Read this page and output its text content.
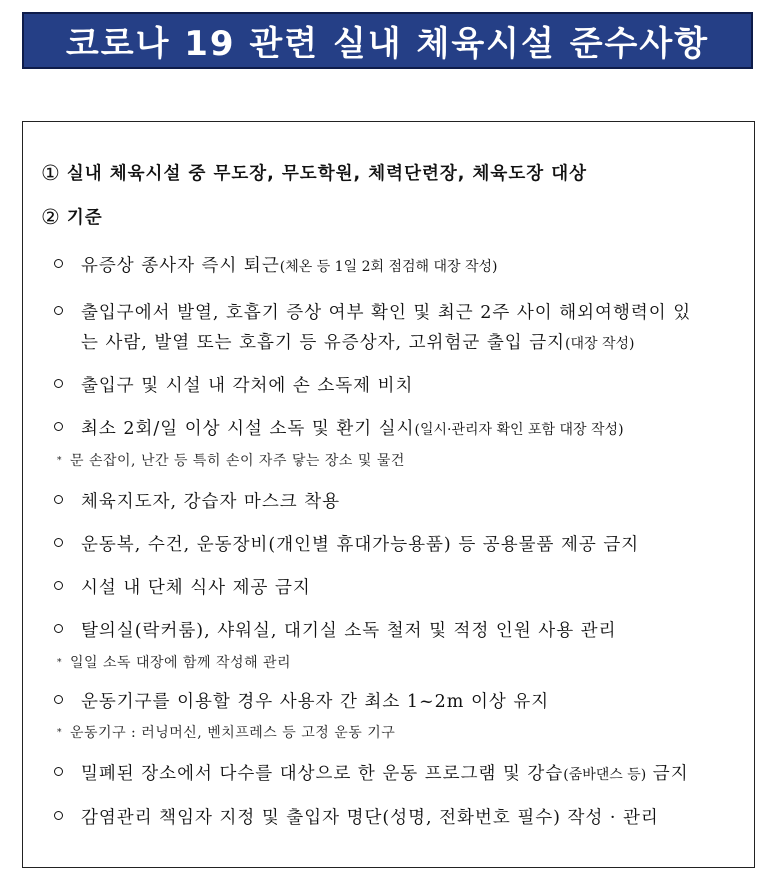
코로나 19 관련 실내 체육시설 준수사항
① 실내 체육시설 중 무도장, 무도학원, 체력단련장, 체육도장 대상
② 기준
유증상 종사자 즉시 퇴근(체온 등 1일 2회 점검해 대장 작성)
출입구에서 발열, 호흡기 증상 여부 확인 및 최근 2주 사이 해외여행력이 있
는 사람, 발열 또는 호흡기 등 유증상자, 고위험군 출입 금지(대장 작성)
출입구 및 시설 내 각처에 손 소독제 비치
최소 2회/일 이상 시설 소독 및 환기 실시(일시·관리자 확인 포함 대장 작성)
* 문 손잡이, 난간 등 특히 손이 자주 닿는 장소 및 물건
체육지도자, 강습자 마스크 착용
운동복, 수건, 운동장비(개인별 휴대가능용품) 등 공용물품 제공 금지
시설 내 단체 식사 제공 금지
탈의실(락커룸), 샤워실, 대기실 소독 철저 및 적정 인원 사용 관리
* 일일 소독 대장에 함께 작성해 관리
운동기구를 이용할 경우 사용자 간 최소 1~2m 이상 유지
* 운동기구 : 러닝머신, 벤치프레스 등 고정 운동 기구
밀폐된 장소에서 다수를 대상으로 한 운동 프로그램 및 강습(줌바댄스 등) 금지
감염관리 책임자 지정 및 출입자 명단(성명, 전화번호 필수) 작성 · 관리
